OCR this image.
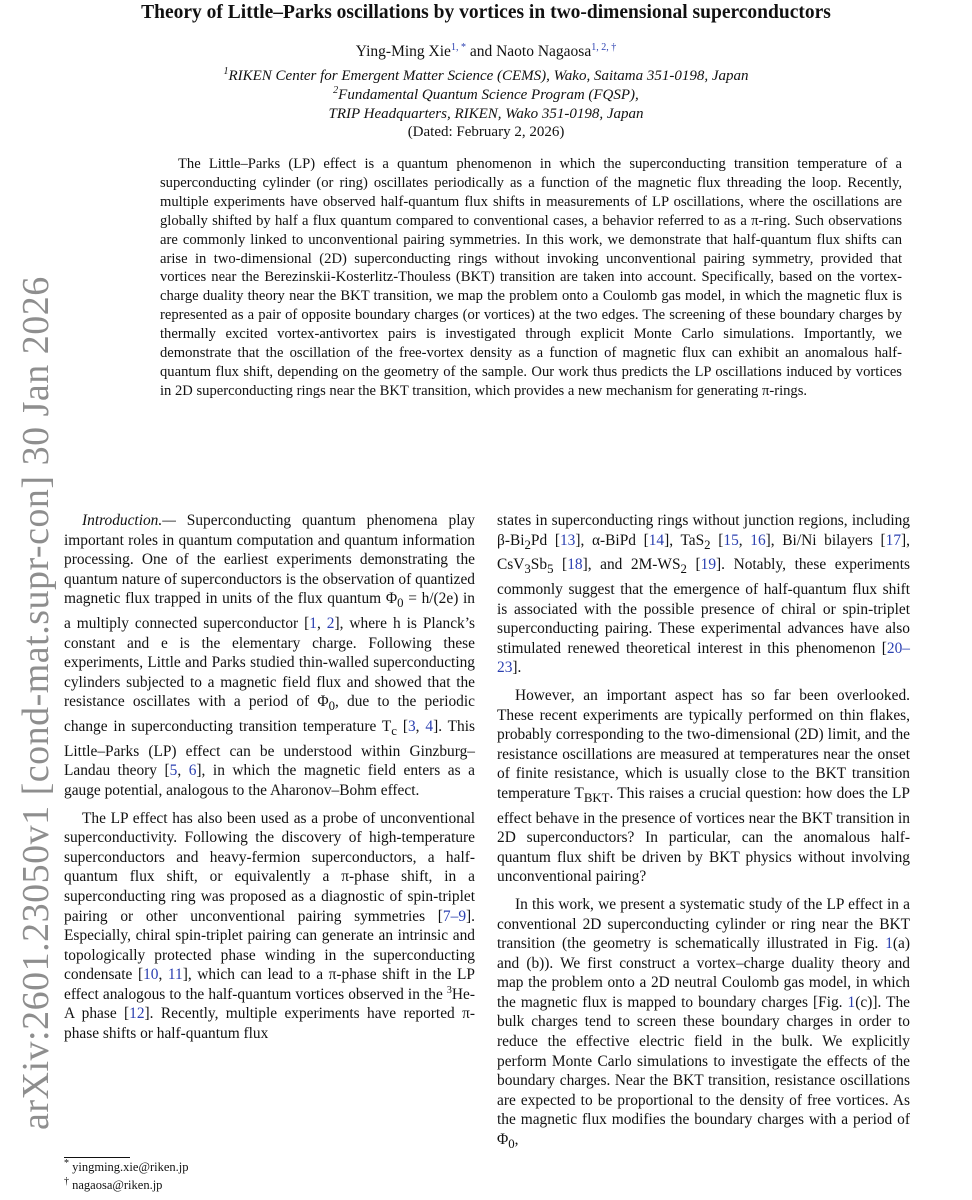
arXiv:2601.23050v1 [cond-mat.supr-con] 30 Jan 2026
Theory of Little–Parks oscillations by vortices in two-dimensional superconductors
Ying-Ming Xie$^{1, *}$ and Naoto Nagaosa$^{1, 2, \dagger}$
$^1$RIKEN Center for Emergent Matter Science (CEMS), Wako, Saitama 351-0198, Japan
$^2$Fundamental Quantum Science Program (FQSP),
TRIP Headquarters, RIKEN, Wako 351-0198, Japan
(Dated: February 2, 2026)
The Little–Parks (LP) effect is a quantum phenomenon in which the superconducting transition temperature of a superconducting cylinder (or ring) oscillates periodically as a function of the magnetic flux threading the loop. Recently, multiple experiments have observed half-quantum flux shifts in measurements of LP oscillations, where the oscillations are globally shifted by half a flux quantum compared to conventional cases, a behavior referred to as a π-ring. Such observations are commonly linked to unconventional pairing symmetries. In this work, we demonstrate that half-quantum flux shifts can arise in two-dimensional (2D) superconducting rings without invoking unconventional pairing symmetry, provided that vortices near the Berezinskii-Kosterlitz-Thouless (BKT) transition are taken into account. Specifically, based on the vortex-charge duality theory near the BKT transition, we map the problem onto a Coulomb gas model, in which the magnetic flux is represented as a pair of opposite boundary charges (or vortices) at the two edges. The screening of these boundary charges by thermally excited vortex-antivortex pairs is investigated through explicit Monte Carlo simulations. Importantly, we demonstrate that the oscillation of the free-vortex density as a function of magnetic flux can exhibit an anomalous half-quantum flux shift, depending on the geometry of the sample. Our work thus predicts the LP oscillations induced by vortices in 2D superconducting rings near the BKT transition, which provides a new mechanism for generating π-rings.

Introduction.— Superconducting quantum phenomena play important roles in quantum computation and quantum information processing. One of the earliest experiments demonstrating the quantum nature of superconductors is the observation of quantized magnetic flux trapped in units of the flux quantum $\Phi_0 = h/(2e)$ in a multiply connected superconductor [1, 2], where h is Planck’s constant and e is the elementary charge. Following these experiments, Little and Parks studied thin-walled superconducting cylinders subjected to a magnetic field flux and showed that the resistance oscillates with a period of $\Phi_0$, due to the periodic change in superconducting transition temperature $T_c$ [3, 4]. This Little–Parks (LP) effect can be understood within Ginzburg–Landau theory [5, 6], in which the magnetic field enters as a gauge potential, analogous to the Aharonov–Bohm effect.

The LP effect has also been used as a probe of unconventional superconductivity. Following the discovery of high-temperature superconductors and heavy-fermion superconductors, a half-quantum flux shift, or equivalently a π-phase shift, in a superconducting ring was proposed as a diagnostic of spin-triplet pairing or other unconventional pairing symmetries [7–9]. Especially, chiral spin-triplet pairing can generate an intrinsic and topologically protected phase winding in the superconducting condensate [10, 11], which can lead to a π-phase shift in the LP effect analogous to the half-quantum vortices observed in the $^3$He-A phase [12]. Recently, multiple experiments have reported π-phase shifts or half-quantum flux

states in superconducting rings without junction regions, including $\beta-Bi_2Pd$ [13], α-BiPd [14], TaS$_2$ [15, 16], Bi/Ni bilayers [17], $CsV_3Sb_5$ [18], and $2M-WS_2$ [19]. Notably, these experiments commonly suggest that the emergence of half-quantum flux shift is associated with the possible presence of chiral or spin-triplet superconducting pairing. These experimental advances have also stimulated renewed theoretical interest in this phenomenon [20–23].

However, an important aspect has so far been overlooked. These recent experiments are typically performed on thin flakes, probably corresponding to the two-dimensional (2D) limit, and the resistance oscillations are measured at temperatures near the onset of finite resistance, which is usually close to the BKT transition temperature $T_{BKT}$. This raises a crucial question: how does the LP effect behave in the presence of vortices near the BKT transition in 2D superconductors? In particular, can the anomalous half-quantum flux shift be driven by BKT physics without involving unconventional pairing?

In this work, we present a systematic study of the LP effect in a conventional 2D superconducting cylinder or ring near the BKT transition (the geometry is schematically illustrated in Fig. 1(a) and (b)). We first construct a vortex–charge duality theory and map the problem onto a 2D neutral Coulomb gas model, in which the magnetic flux is mapped to boundary charges [Fig. 1(c)]. The bulk charges tend to screen these boundary charges in order to reduce the effective electric field in the bulk. We explicitly perform Monte Carlo simulations to investigate the effects of the boundary charges. Near the BKT transition, resistance oscillations are expected to be proportional to the density of free vortices. As the magnetic flux modifies the boundary charges with a period of $\Phi_0$,

* yingming.xie@riken.jp
† nagaosa@riken.jp
